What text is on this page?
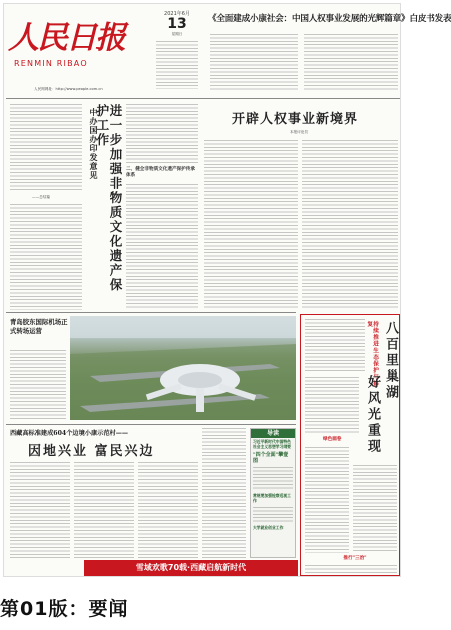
人民日报
RENMIN RIBAO
人民网网址：http://www.people.com.cn
2021年6月
13
星期日
《全面建成小康社会：中国人权事业发展的光辉篇章》白皮书发表
——总结篇
中办国办印发意见 进一步加强非物质文化遗产保护工作
二、健全非物质文化遗产保护传承体系
开辟人权事业新境界
本报评论员
青岛胶东国际机场正式转场运营
西藏高标准建成604个边境小康示范村——
因地兴业 富民兴边
导读
习近平新时代中国特色社会主义思想学习纲要
"四个全面"攀壹图
常规要加强检察巡视工作
大学就业创业工作
雪域欢歌70载·西藏启航新时代
持续推进生态保护与修复 八百里巢湖
好风光重现
绿色画卷
推行"三治"
第01版：要闻
